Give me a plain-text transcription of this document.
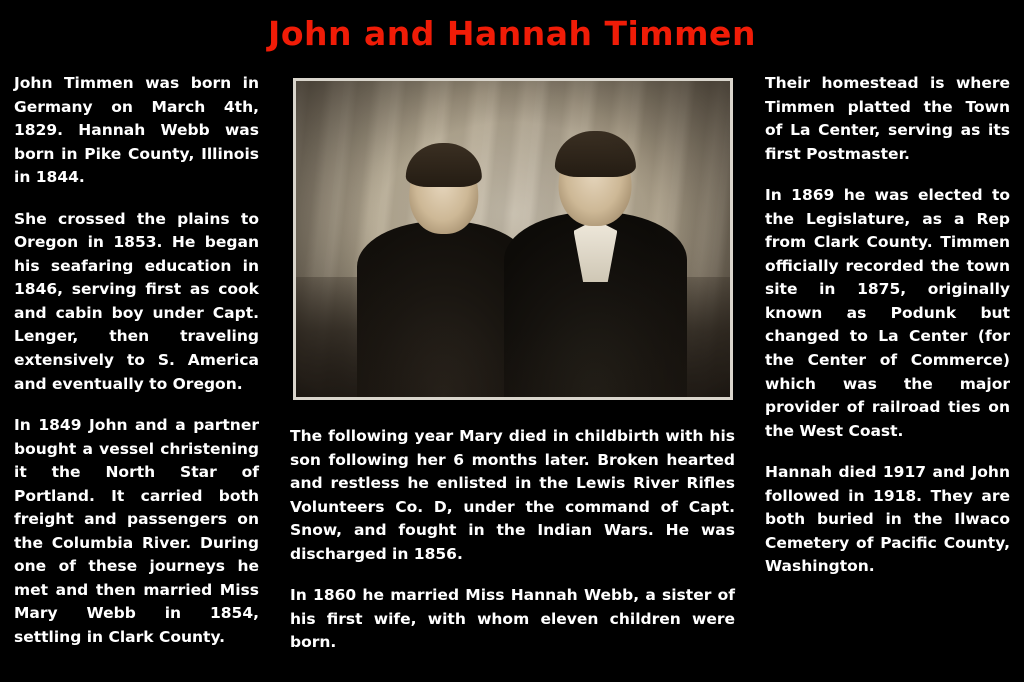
John and Hannah Timmen

John Timmen was born in Germany on March 4th, 1829. Hannah Webb was born in Pike County, Illinois in 1844.

She crossed the plains to Oregon in 1853. He began his seafaring education in 1846, serving first as cook and cabin boy under Capt. Lenger, then traveling extensively to S. America and eventually to Oregon.

In 1849 John and a partner bought a vessel christening it the North Star of Portland. It carried both freight and passengers on the Columbia River. During one of these journeys he met and then married Miss Mary Webb in 1854, settling in Clark County.

The following year Mary died in childbirth with his son following her 6 months later. Broken hearted and restless he enlisted in the Lewis River Rifles Volunteers Co. D, under the command of Capt. Snow, and fought in the Indian Wars. He was discharged in 1856.

In 1860 he married Miss Hannah Webb, a sister of his first wife, with whom eleven children were born.

Their homestead is where Timmen platted the Town of La Center, serving as its first Postmaster.

In 1869 he was elected to the Legislature, as a Rep from Clark County. Timmen officially recorded the town site in 1875, originally known as Podunk but changed to La Center (for the Center of Commerce) which was the major provider of railroad ties on the West Coast.

Hannah died 1917 and John followed in 1918. They are both buried in the Ilwaco Cemetery of Pacific County, Washington.
